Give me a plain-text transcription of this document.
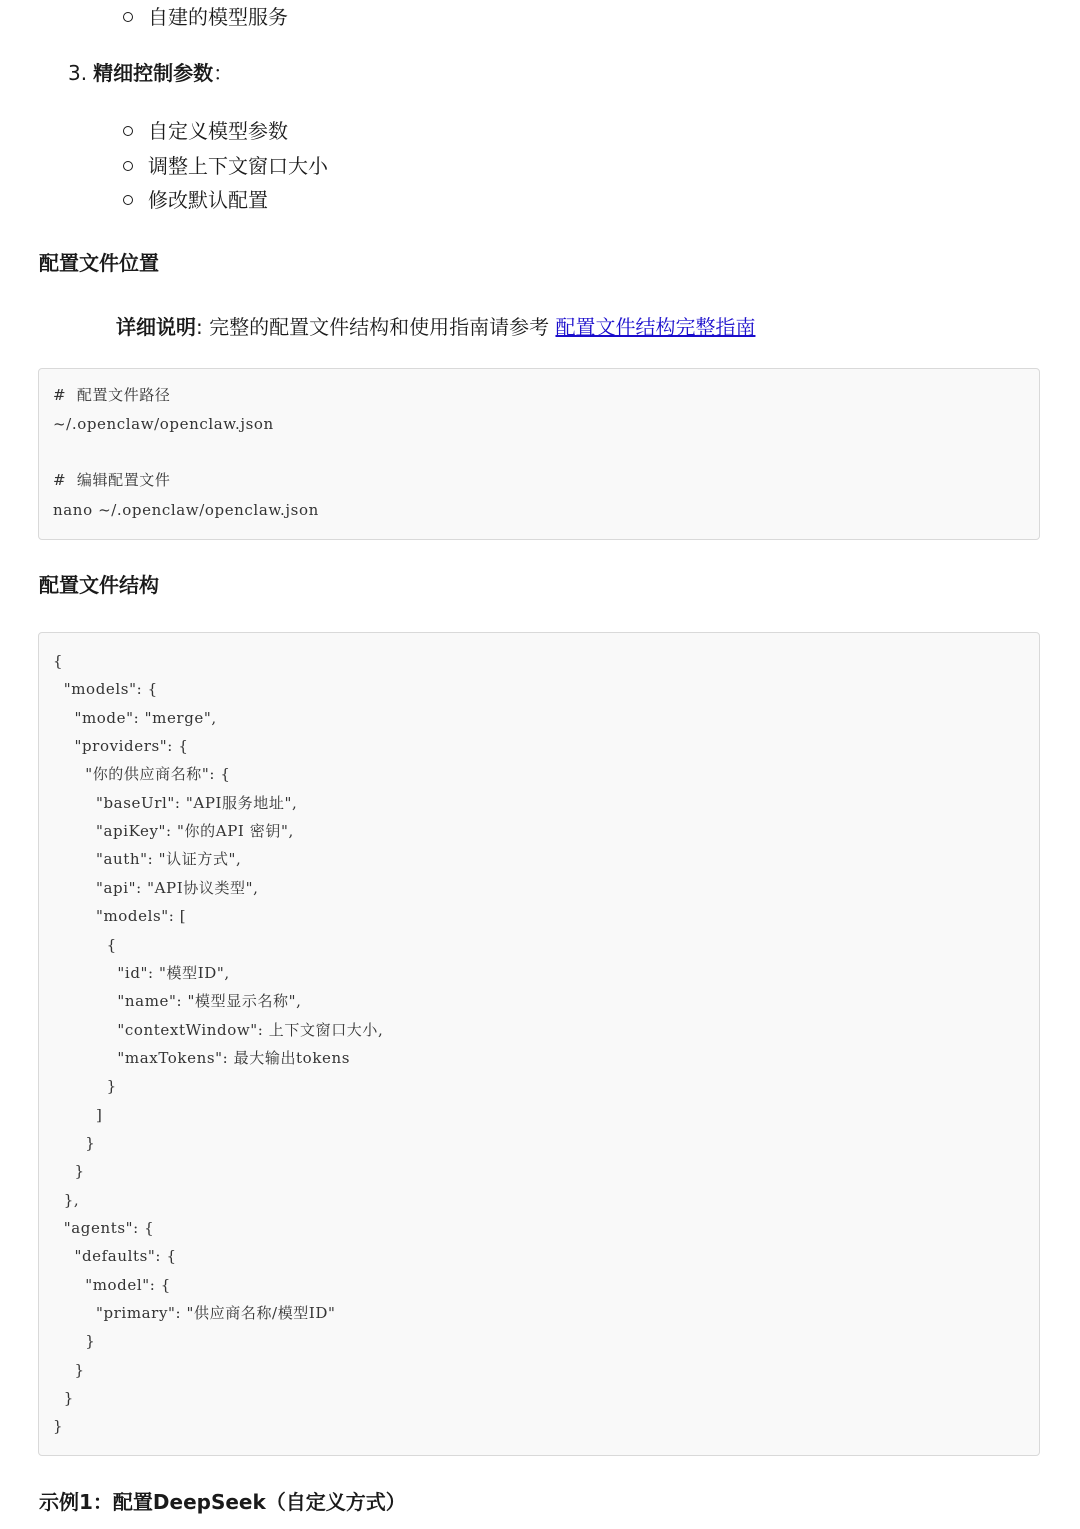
自建的模型服务
3. 精细控制参数：
自定义模型参数
调整上下文窗口大小
修改默认配置
配置文件位置
详细说明: 完整的配置文件结构和使用指南请参考 配置文件结构完整指南
#  配置文件路径
~/.openclaw/openclaw.json
#  编辑配置文件
nano ~/.openclaw/openclaw.json
配置文件结构
{
"models": {
"mode": "merge",
"providers": {
"你的供应商名称": {
"baseUrl": "API服务地址",
"apiKey": "你的API 密钥",
"auth": "认证方式",
"api": "API协议类型",
"models": [
{
"id": "模型ID",
"name": "模型显示名称",
"contextWindow": 上下文窗口大小,
"maxTokens": 最大输出tokens
}
]
}
}
},
"agents": {
"defaults": {
"model": {
"primary": "供应商名称/模型ID"
}
}
}
}
示例1：配置DeepSeek（自定义方式）
